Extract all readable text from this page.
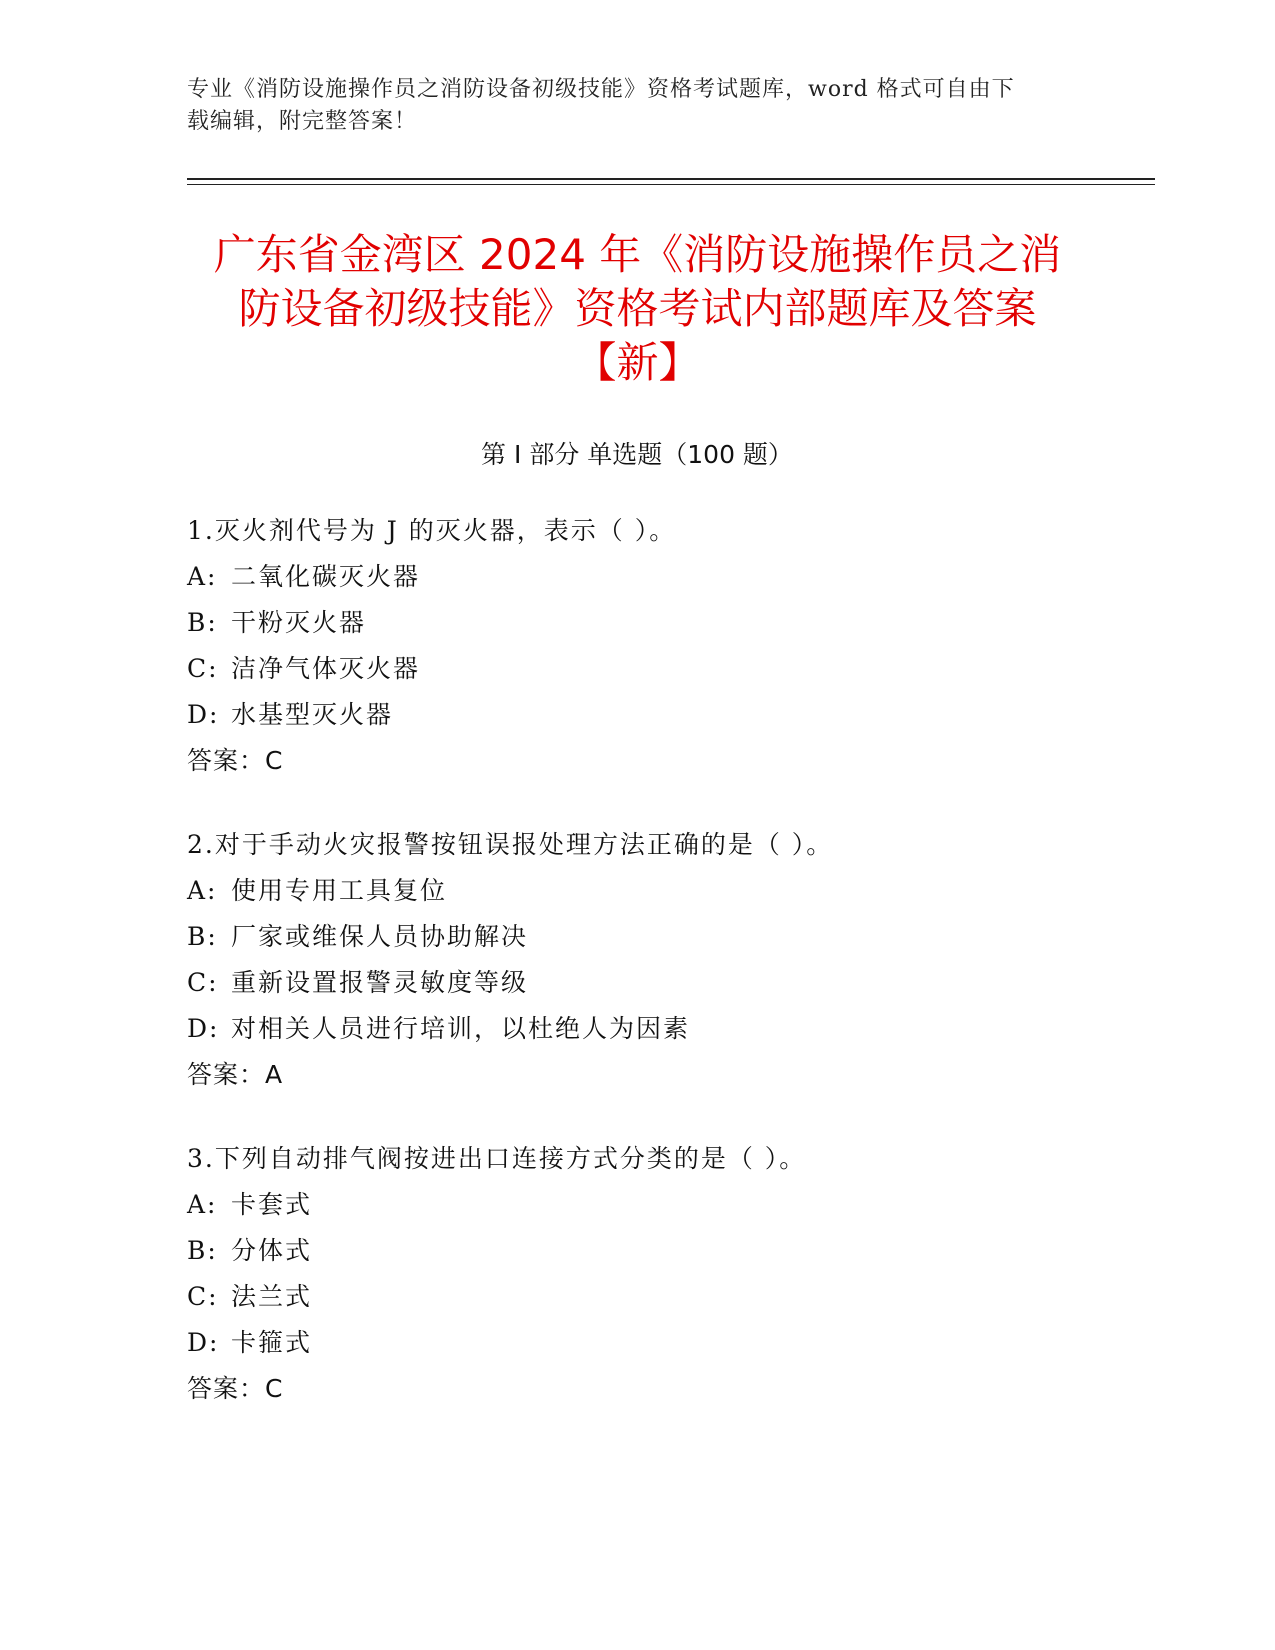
专业《消防设施操作员之消防设备初级技能》资格考试题库，word 格式可自由下
载编辑，附完整答案！
广东省金湾区 2024 年《消防设施操作员之消
防设备初级技能》资格考试内部题库及答案
【新】
第 I 部分 单选题（100 题）
1.灭火剂代号为 J 的灭火器，表示（ ）。
A: 二氧化碳灭火器
B: 干粉灭火器
C: 洁净气体灭火器
D: 水基型灭火器
答案：C
2.对于手动火灾报警按钮误报处理方法正确的是（ ）。
A: 使用专用工具复位
B: 厂家或维保人员协助解决
C: 重新设置报警灵敏度等级
D: 对相关人员进行培训，以杜绝人为因素
答案：A
3.下列自动排气阀按进出口连接方式分类的是（ ）。
A: 卡套式
B: 分体式
C: 法兰式
D: 卡箍式
答案：C
